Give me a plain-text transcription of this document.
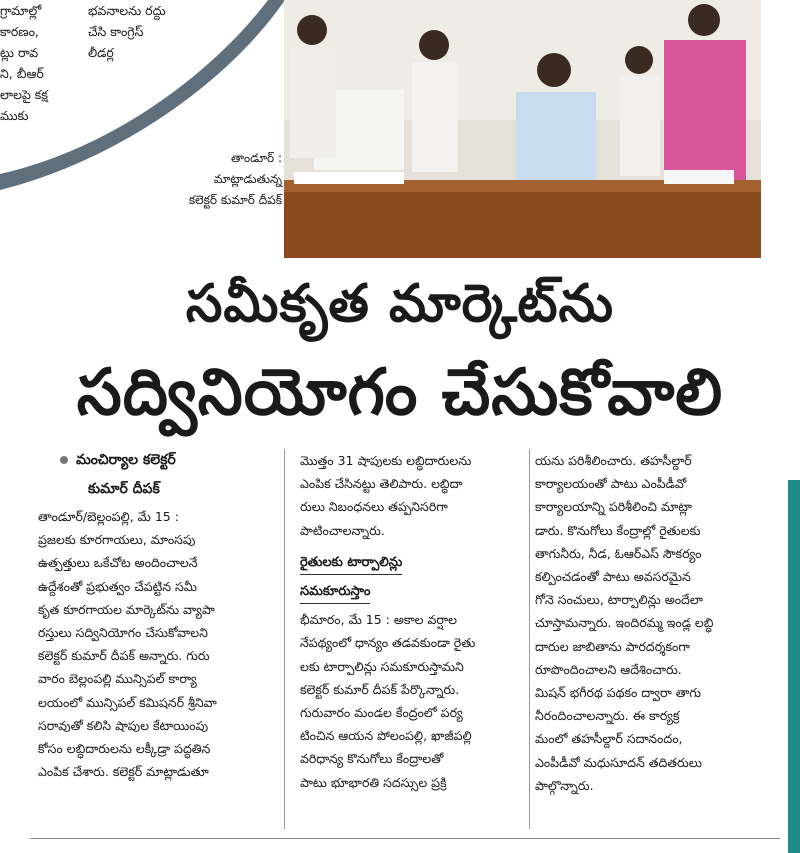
గ్రామాల్లో
కారణం,
ట్లు రావ
ని, బీఆర్
లాలపై కక్ష
ముకు
భవనాలను రద్దు
చేసి కాంగ్రెస్
లీడర్ల
తాండూర్ :
మాట్లాడుతున్న
కలెక్టర్ కుమార్ దీపక్
సమీకృత మార్కెట్‌ను
సద్వినియోగం చేసుకోవాలి
మంచిర్యాల కలెక్టర్
కుమార్ దీపక్
తాండూర్/బెల్లంపల్లి, మే 15 :
ప్రజలకు కూరగాయలు, మాంసపు
ఉత్పత్తులు ఒకేచోట అందించాలనే
ఉద్దేశంతో ప్రభుత్వం చేపట్టిన సమీ
కృత కూరగాయల మార్కెట్‌ను వ్యాపా
రస్తులు సద్వినియోగం చేసుకోవాలని
కలెక్టర్ కుమార్ దీపక్ అన్నారు. గురు
వారం బెల్లంపల్లి మున్సిపల్ కార్యా
లయంలో మున్సిపల్ కమిషనర్ శ్రీనివా
సరావుతో కలిసి షాపుల కేటాయింపు
కోసం లబ్ధిదారులను లక్కీడ్రా పద్ధతిన
ఎంపిక చేశారు. కలెక్టర్ మాట్లాడుతూ
మొత్తం 31 షాపులకు లబ్ధిదారులను
ఎంపిక చేసినట్టు తెలిపారు. లబ్ధిదా
రులు నిబంధనలు తప్పనిసరిగా
పాటించాలన్నారు.
రైతులకు టార్పాలిన్లు
సమకూరుస్తాం
భీమారం, మే 15 : అకాల వర్షాల
నేపథ్యంలో ధాన్యం తడవకుండా రైతు
లకు టార్పాలిన్లు సమకూరుస్తామని
కలెక్టర్ కుమార్ దీపక్ పేర్కొన్నారు.
గురువారం మండల కేంద్రంలో పర్య
టించిన ఆయన పోలంపల్లి, ఖాజీపల్లి
వరిధాన్య కొనుగోలు కేంద్రాలతో
పాటు భూభారతి సదస్సుల ప్రక్రి
యను పరిశీలించారు. తహసీల్దార్
కార్యాలయంతో పాటు ఎంపీడీవో
కార్యాలయాన్ని పరిశీలించి మాట్లా
డారు. కొనుగోలు కేంద్రాల్లో రైతులకు
తాగునీరు, నీడ, ఓఆర్ఎస్ సౌకర్యం
కల్పించడంతో పాటు అవసరమైన
గోనె సంచులు, టార్పాలిన్లు అందేలా
చూస్తామన్నారు. ఇందిరమ్మ ఇండ్ల లబ్ధి
దారుల జాబితాను పారదర్శకంగా
రూపొందించాలని ఆదేశించారు.
మిషన్ భగీరథ పథకం ద్వారా తాగు
నీరందించాలన్నారు. ఈ కార్యక్ర
మంలో తహసీల్దార్ సదానందం,
ఎంపీడీవో మధుసూదన్ తదితరులు
పాల్గొన్నారు.
